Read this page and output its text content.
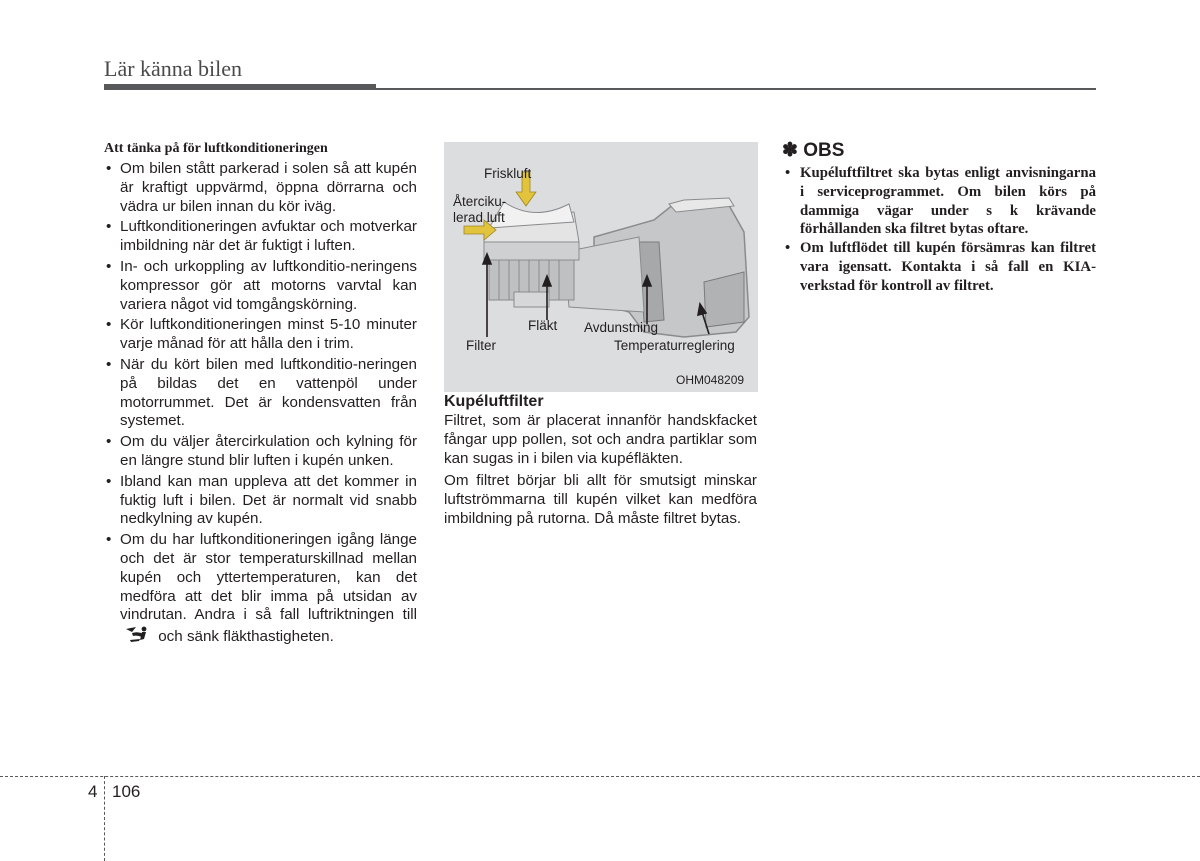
Lär känna bilen
Att tänka på för luftkonditioneringen
• Om bilen stått parkerad i solen så att kupén är kraftigt uppvärmd, öppna dörrarna och vädra ur bilen innan du kör iväg.
• Luftkonditioneringen avfuktar och motverkar imbildning när det är fuktigt i luften.
• In- och urkoppling av luftkonditio-neringens kompressor gör att motorns varvtal kan variera något vid tomgångskörning.
• Kör luftkonditioneringen minst 5-10 minuter varje månad för att hålla den i trim.
• När du kört bilen med luftkonditio-neringen på bildas det en vattenpöl under motorrummet. Det är kondensvatten från systemet.
• Om du väljer återcirkulation och kylning för en längre stund blir luften i kupén unken.
• Ibland kan man uppleva att det kommer in fuktig luft i bilen. Det är normalt vid snabb nedkylning av kupén.
• Om du har luftkonditioneringen igång länge och det är stor temperaturskillnad mellan kupén och yttertemperaturen, kan det medföra att det blir imma på utsidan av vindrutan. Andra i så fall luftriktningen till  och sänk fläkthastigheten.
Friskluft
Återciku-
lerad luft
Fläkt Avdunstning
Filter	Temperaturreglering
OHM048209
Kupéluftfilter

Filtret, som är placerat innanför handskfacket fångar upp pollen, sot och andra partiklar som kan sugas in i bilen via kupéfläkten.

Om filtret börjar bli allt för smutsigt minskar luftströmmarna till kupén vilket kan medföra imbildning på rutorna. Då måste filtret bytas.

✽ OBS
• Kupéluftfiltret ska bytas enligt anvisningarna i serviceprogrammet. Om bilen körs på dammiga vägar under s k krävande förhållanden ska filtret bytas oftare.
• Om luftflödet till kupén försämras kan filtret vara igensatt. Kontakta i så fall en KIA-verkstad för kontroll av filtret.
4 106
